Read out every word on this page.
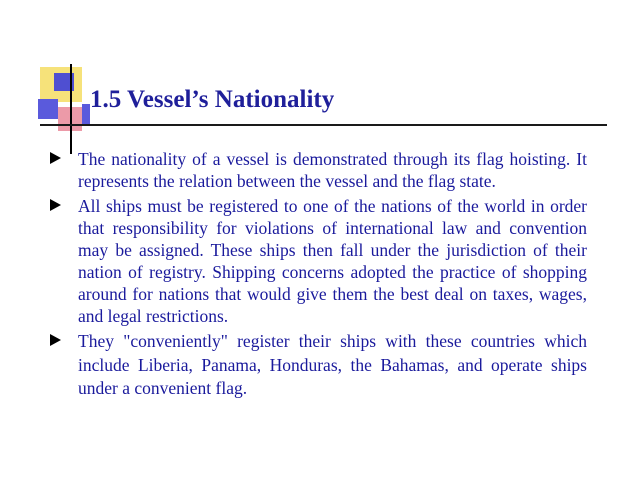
1.5 Vessel’s Nationality
The nationality of a vessel is demonstrated through its flag hoisting. It represents the relation between the vessel and the flag state.
All ships must be registered to one of the nations of the world in order that responsibility for violations of international law and convention may be assigned. These ships then fall under the jurisdiction of their nation of registry. Shipping concerns adopted the practice of shopping around for nations that would give them the best deal on taxes, wages, and legal restrictions.
They "conveniently" register their ships with these countries which include Liberia, Panama, Honduras, the Bahamas, and operate ships under a convenient flag.
